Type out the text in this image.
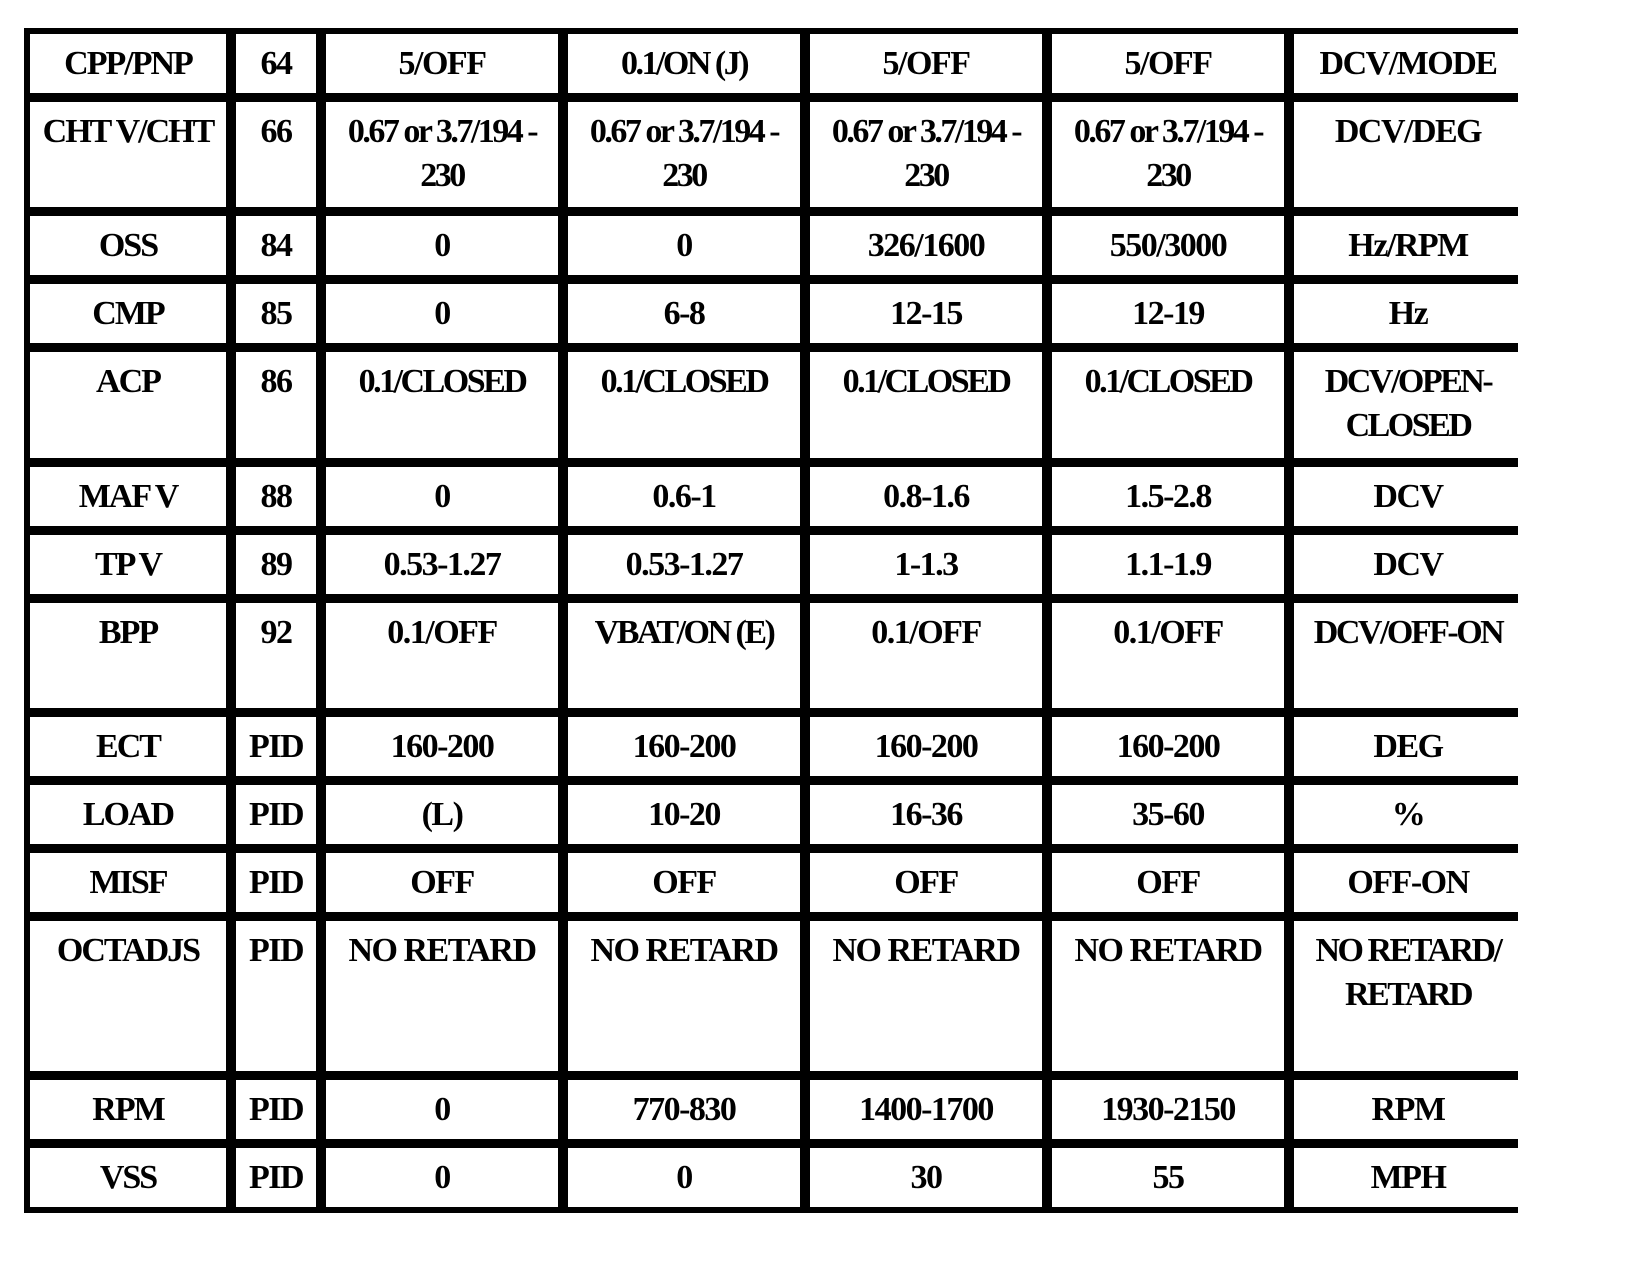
CPP/PNP	64	5/OFF	0.1/ON (J)	5/OFF	5/OFF	DCV/MODE
CHT V/CHT	66	0.67 or 3.7/194 - 230	0.67 or 3.7/194 - 230	0.67 or 3.7/194 - 230	0.67 or 3.7/194 - 230	DCV/DEG
OSS	84	0	0	326/1600	550/3000	Hz/RPM
CMP	85	0	6-8	12-15	12-19	Hz
ACP	86	0.1/CLOSED	0.1/CLOSED	0.1/CLOSED	0.1/CLOSED	DCV/OPEN-CLOSED
MAF V	88	0	0.6-1	0.8-1.6	1.5-2.8	DCV
TP V	89	0.53-1.27	0.53-1.27	1-1.3	1.1-1.9	DCV
BPP	92	0.1/OFF	VBAT/ON (E)	0.1/OFF	0.1/OFF	DCV/OFF-ON
ECT	PID	160-200	160-200	160-200	160-200	DEG
LOAD	PID	(L)	10-20	16-36	35-60	%
MISF	PID	OFF	OFF	OFF	OFF	OFF-ON
OCTADJS	PID	NO RETARD	NO RETARD	NO RETARD	NO RETARD	NO RETARD/ RETARD
RPM	PID	0	770-830	1400-1700	1930-2150	RPM
VSS	PID	0	0	30	55	MPH
